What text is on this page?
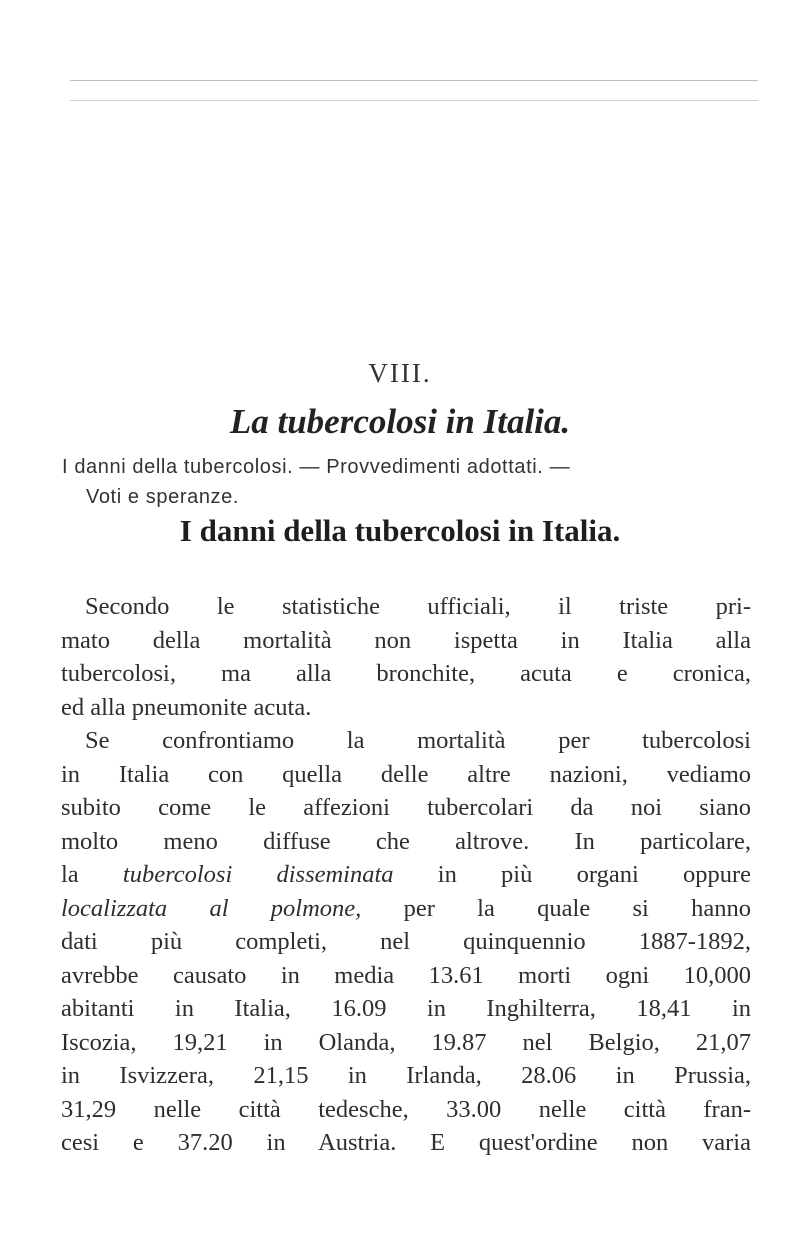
VIII.
La tubercolosi in Italia.
I danni della tubercolosi. — Provvedimenti adottati. —
Voti e speranze.
I danni della tubercolosi in Italia.
Secondo le statistiche ufficiali, il triste pri-
mato della mortalità non ispetta in Italia alla
tubercolosi, ma alla bronchite, acuta e cronica,
ed alla pneumonite acuta.
Se confrontiamo la mortalità per tubercolosi
in Italia con quella delle altre nazioni, vediamo
subito come le affezioni tubercolari da noi siano
molto meno diffuse che altrove. In particolare,
la tubercolosi disseminata in più organi oppure
localizzata al polmone, per la quale si hanno
dati più completi, nel quinquennio 1887-1892,
avrebbe causato in media 13.61 morti ogni 10,000
abitanti in Italia, 16.09 in Inghilterra, 18,41 in
Iscozia, 19,21 in Olanda, 19.87 nel Belgio, 21,07
in Isvizzera, 21,15 in Irlanda, 28.06 in Prussia,
31,29 nelle città tedesche, 33.00 nelle città fran-
cesi e 37.20 in Austria. E quest'ordine non varia
